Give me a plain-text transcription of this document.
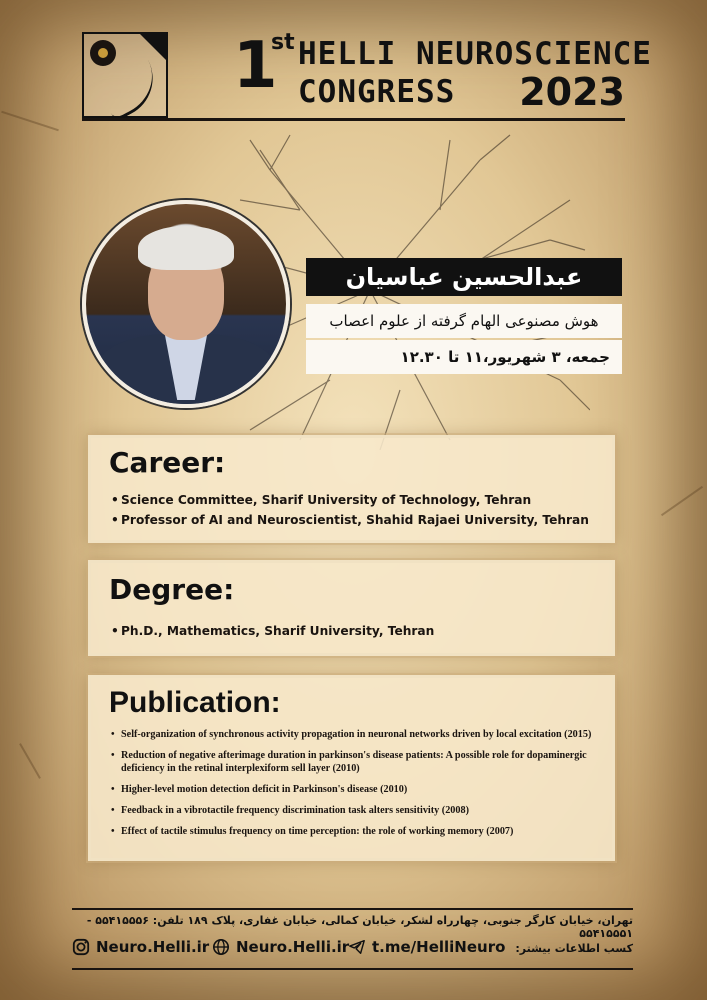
1
st HELLI NEUROSCIENCE
CONGRESS 2023
عبدالحسین عباسیان
هوش مصنوعی الهام گرفته از علوم اعصاب
جمعه، ۳ شهریور،۱۱ تا ۱۲.۳۰
Career:
• Science Committee, Sharif University of Technology, Tehran
• Professor of AI and Neuroscientist, Shahid Rajaei University, Tehran
Degree:
• Ph.D., Mathematics, Sharif University, Tehran
Publication:
• Self-organization of synchronous activity propagation in neuronal networks driven by local excitation (2015)
• Reduction of negative afterimage duration in parkinson's disease patients: A possible role for dopaminergic deficiency in the retinal interplexiform sell layer (2010)
• Higher-level motion detection deficit in Parkinson's disease (2010)
• Feedback in a vibrotactile frequency discrimination task alters sensitivity (2008)
• Effect of tactile stimulus frequency on time perception: the role of working memory (2007)
تهران، خیابان کارگر جنوبی، چهارراه لشکر، خیابان کمالی، خیابان غفاری، پلاک ۱۸۹ تلفن: ۵۵۴۱۵۵۵۶ - ۵۵۴۱۵۵۵۱
Neuro.Helli.ir Neuro.Helli.ir t.me/HelliNeuro کسب اطلاعات بیشتر:
